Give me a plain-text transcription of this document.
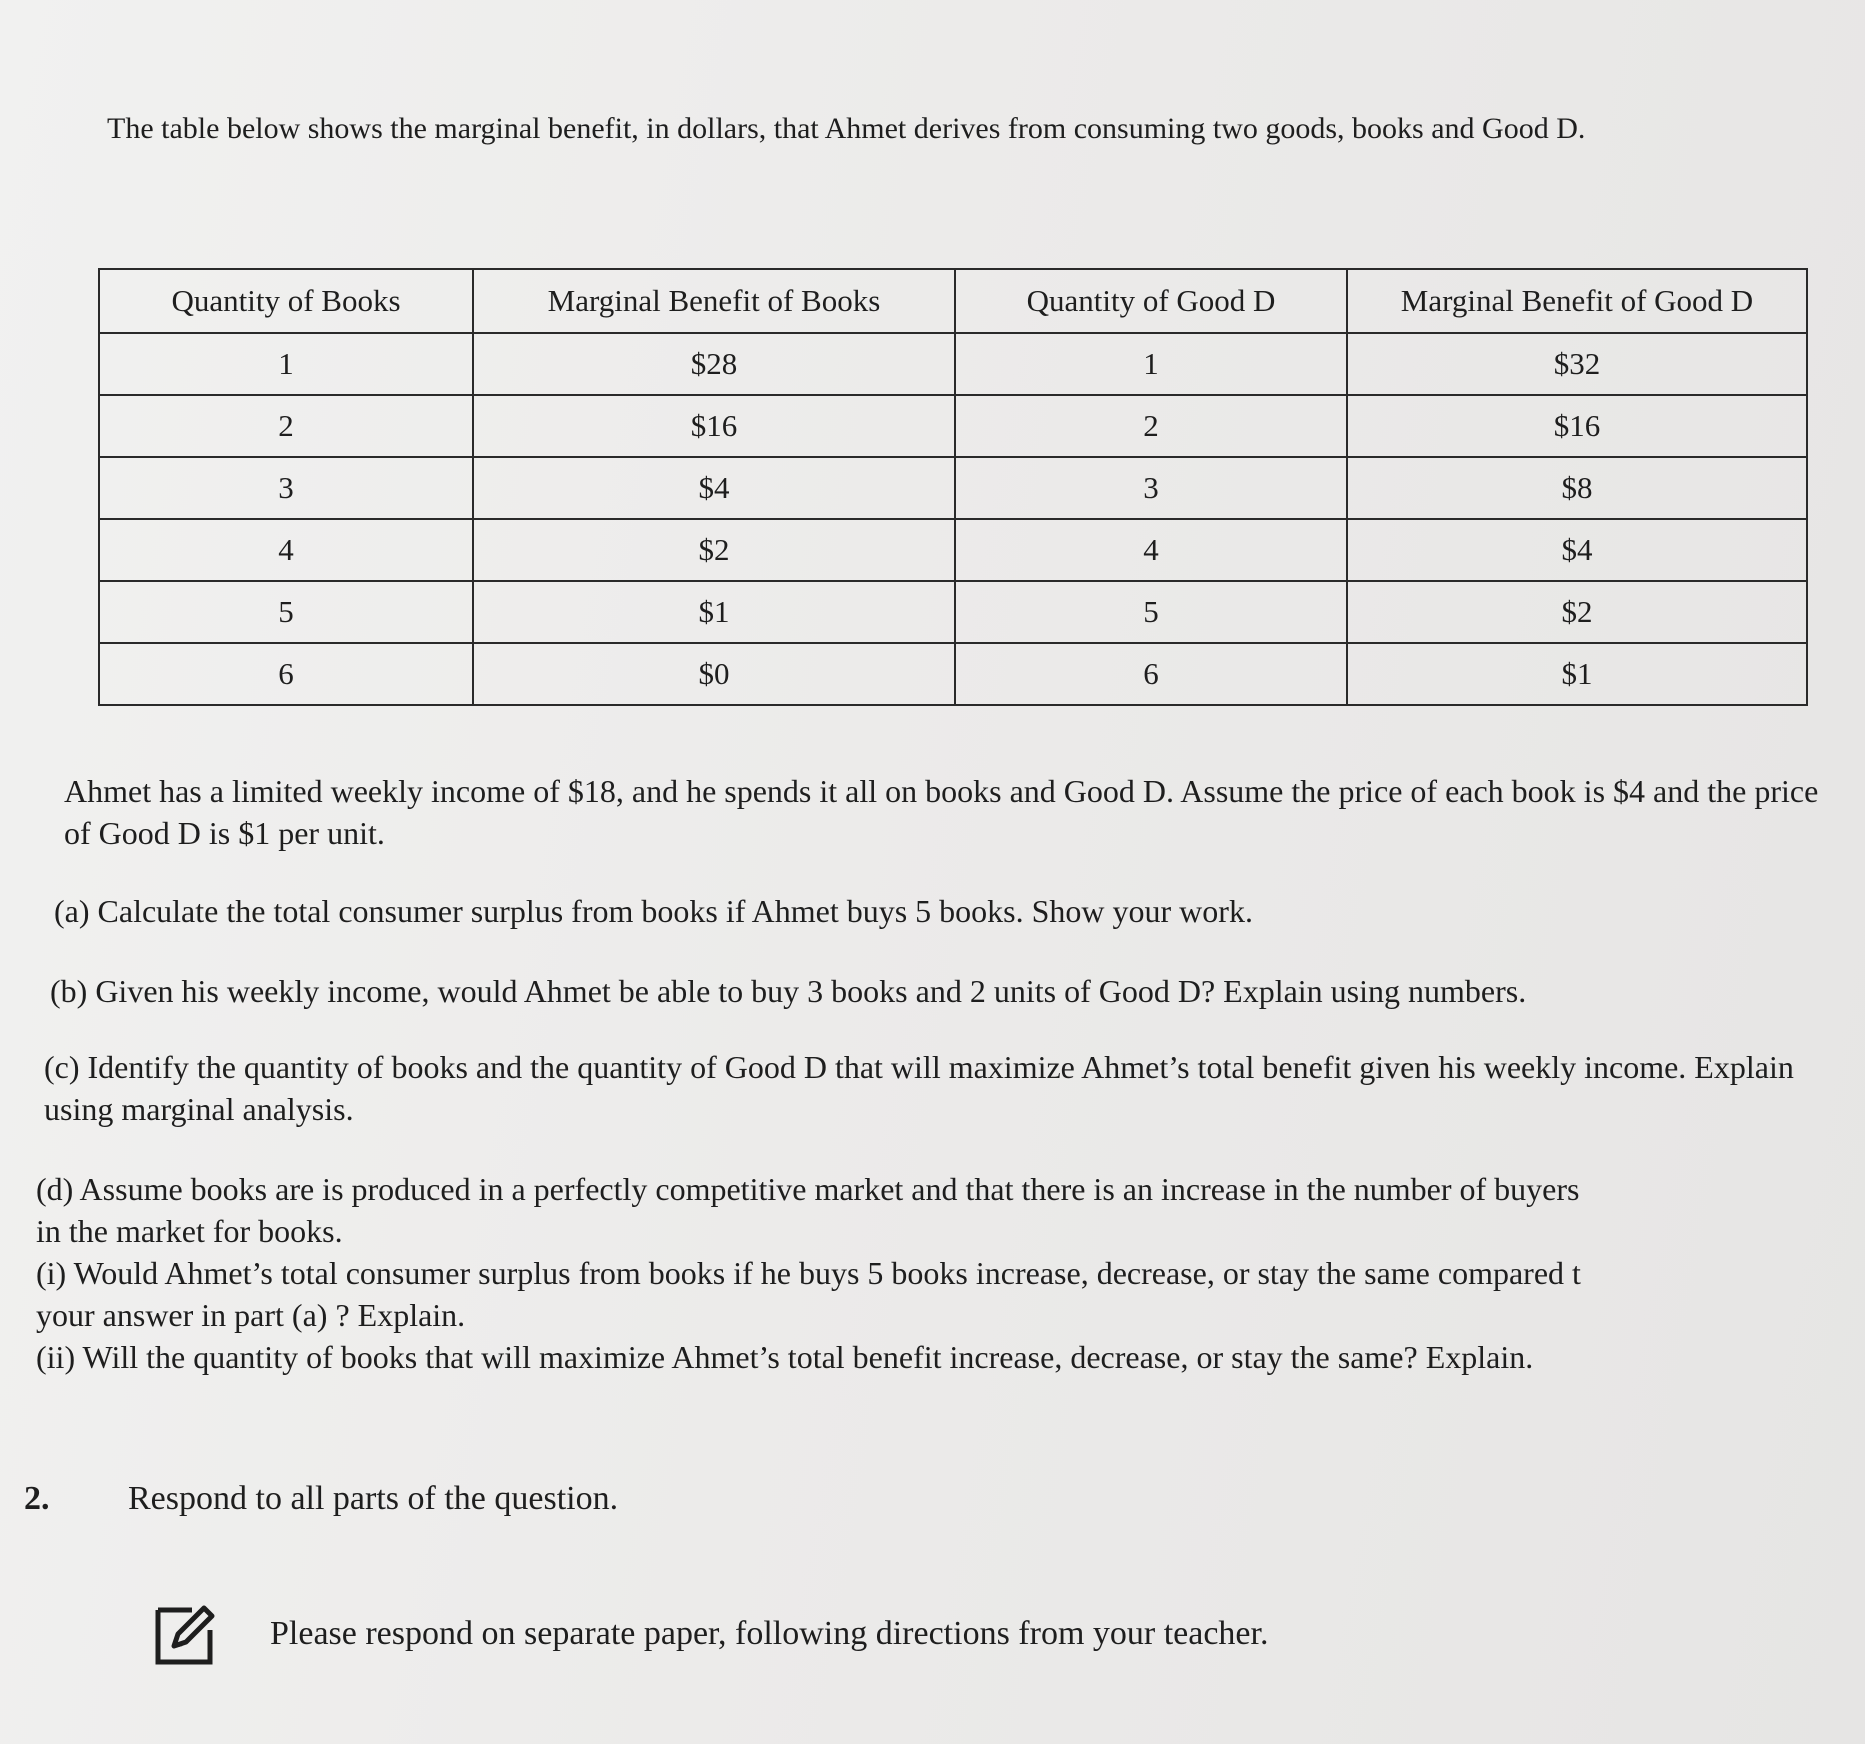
The table below shows the marginal benefit, in dollars, that Ahmet derives from consuming two goods, books and Good D.
Quantity of Books	Marginal Benefit of Books	Quantity of Good D	Marginal Benefit of Good D
1	$28	1	$32
2	$16	2	$16
3	$4	3	$8
4	$2	4	$4
5	$1	5	$2
6	$0	6	$1
Ahmet has a limited weekly income of $18, and he spends it all on books and Good D. Assume the price of each book is $4 and the price of Good D is $1 per unit.
(a) Calculate the total consumer surplus from books if Ahmet buys 5 books. Show your work.
(b) Given his weekly income, would Ahmet be able to buy 3 books and 2 units of Good D? Explain using numbers.
(c) Identify the quantity of books and the quantity of Good D that will maximize Ahmet’s total benefit given his weekly income. Explain using marginal analysis.
(d) Assume books are is produced in a perfectly competitive market and that there is an increase in the number of buyers
in the market for books.
(i) Would Ahmet’s total consumer surplus from books if he buys 5 books increase, decrease, or stay the same compared t
your answer in part (a) ? Explain.
(ii) Will the quantity of books that will maximize Ahmet’s total benefit increase, decrease, or stay the same? Explain.
2.	Respond to all parts of the question.
Please respond on separate paper, following directions from your teacher.
